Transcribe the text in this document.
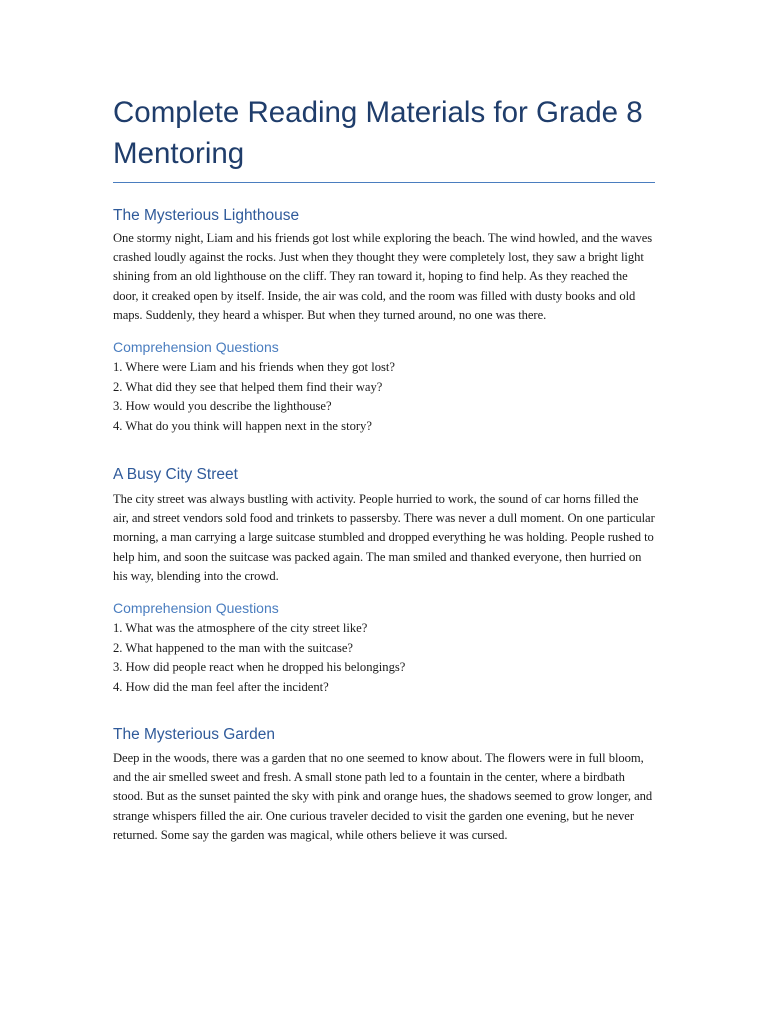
Complete Reading Materials for Grade 8 Mentoring
The Mysterious Lighthouse

One stormy night, Liam and his friends got lost while exploring the beach. The wind howled, and the waves crashed loudly against the rocks. Just when they thought they were completely lost, they saw a bright light shining from an old lighthouse on the cliff. They ran toward it, hoping to find help. As they reached the door, it creaked open by itself. Inside, the air was cold, and the room was filled with dusty books and old maps. Suddenly, they heard a whisper. But when they turned around, no one was there.

Comprehension Questions
1. Where were Liam and his friends when they got lost?
2. What did they see that helped them find their way?
3. How would you describe the lighthouse?
4. What do you think will happen next in the story?
A Busy City Street

The city street was always bustling with activity. People hurried to work, the sound of car horns filled the air, and street vendors sold food and trinkets to passersby. There was never a dull moment. On one particular morning, a man carrying a large suitcase stumbled and dropped everything he was holding. People rushed to help him, and soon the suitcase was packed again. The man smiled and thanked everyone, then hurried on his way, blending into the crowd.

Comprehension Questions
1. What was the atmosphere of the city street like?
2. What happened to the man with the suitcase?
3. How did people react when he dropped his belongings?
4. How did the man feel after the incident?
The Mysterious Garden

Deep in the woods, there was a garden that no one seemed to know about. The flowers were in full bloom, and the air smelled sweet and fresh. A small stone path led to a fountain in the center, where a birdbath stood. But as the sunset painted the sky with pink and orange hues, the shadows seemed to grow longer, and strange whispers filled the air. One curious traveler decided to visit the garden one evening, but he never returned. Some say the garden was magical, while others believe it was cursed.
